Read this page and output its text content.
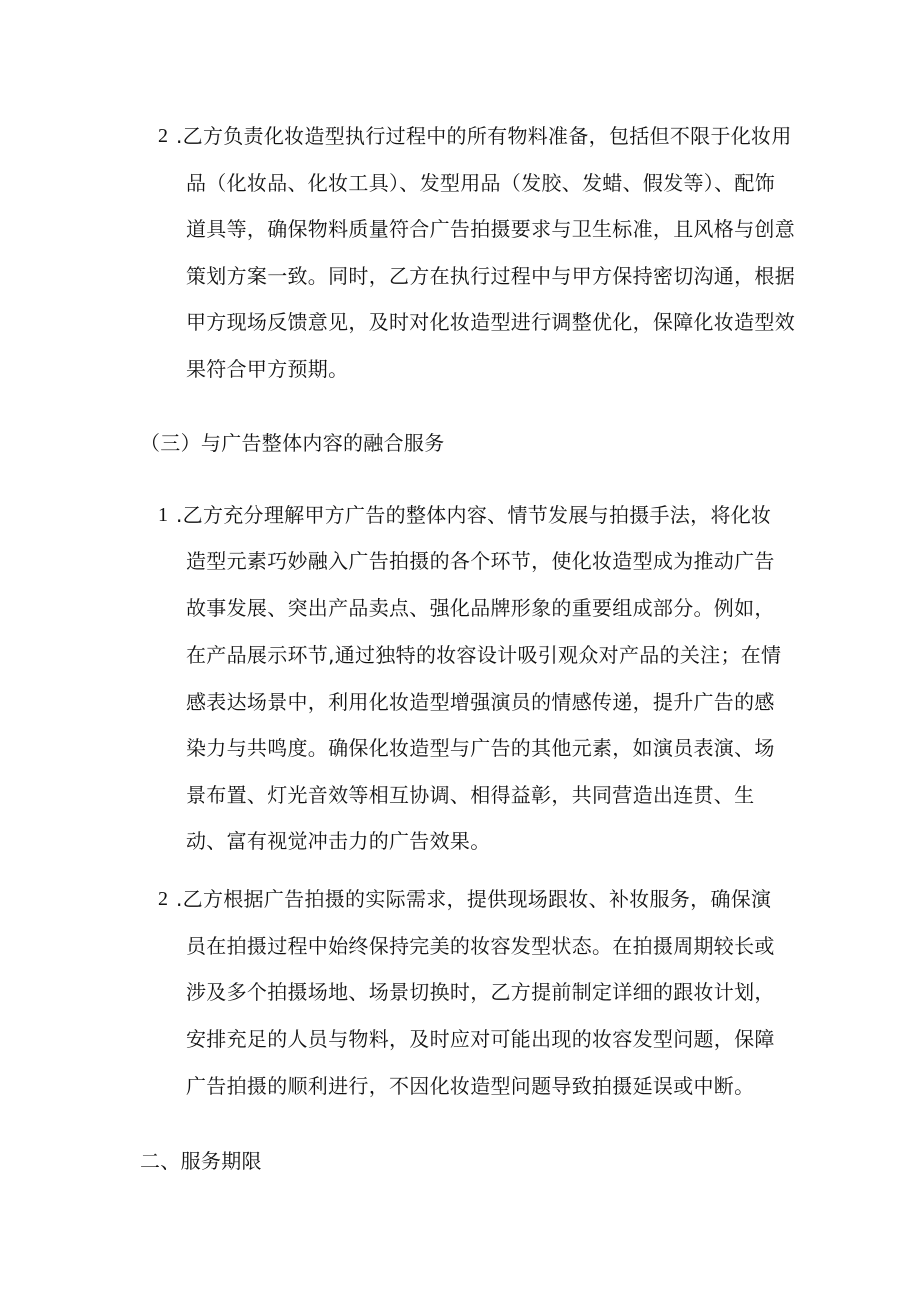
2 .乙方负责化妆造型执行过程中的所有物料准备，包括但不限于化妆用
品（化妆品、化妆工具）、发型用品（发胶、发蜡、假发等）、配饰
道具等，确保物料质量符合广告拍摄要求与卫生标准，且风格与创意
策划方案一致。同时，乙方在执行过程中与甲方保持密切沟通，根据
甲方现场反馈意见，及时对化妆造型进行调整优化，保障化妆造型效
果符合甲方预期。
（三）与广告整体内容的融合服务
1 .乙方充分理解甲方广告的整体内容、情节发展与拍摄手法，将化妆
造型元素巧妙融入广告拍摄的各个环节，使化妆造型成为推动广告
故事发展、突出产品卖点、强化品牌形象的重要组成部分。例如，
在产品展示环节,通过独特的妆容设计吸引观众对产品的关注；在情
感表达场景中，利用化妆造型增强演员的情感传递，提升广告的感
染力与共鸣度。确保化妆造型与广告的其他元素，如演员表演、场
景布置、灯光音效等相互协调、相得益彰，共同营造出连贯、生
动、富有视觉冲击力的广告效果。
2 .乙方根据广告拍摄的实际需求，提供现场跟妆、补妆服务，确保演
员在拍摄过程中始终保持完美的妆容发型状态。在拍摄周期较长或
涉及多个拍摄场地、场景切换时，乙方提前制定详细的跟妆计划，
安排充足的人员与物料，及时应对可能出现的妆容发型问题，保障
广告拍摄的顺利进行，不因化妆造型问题导致拍摄延误或中断。
二、服务期限
